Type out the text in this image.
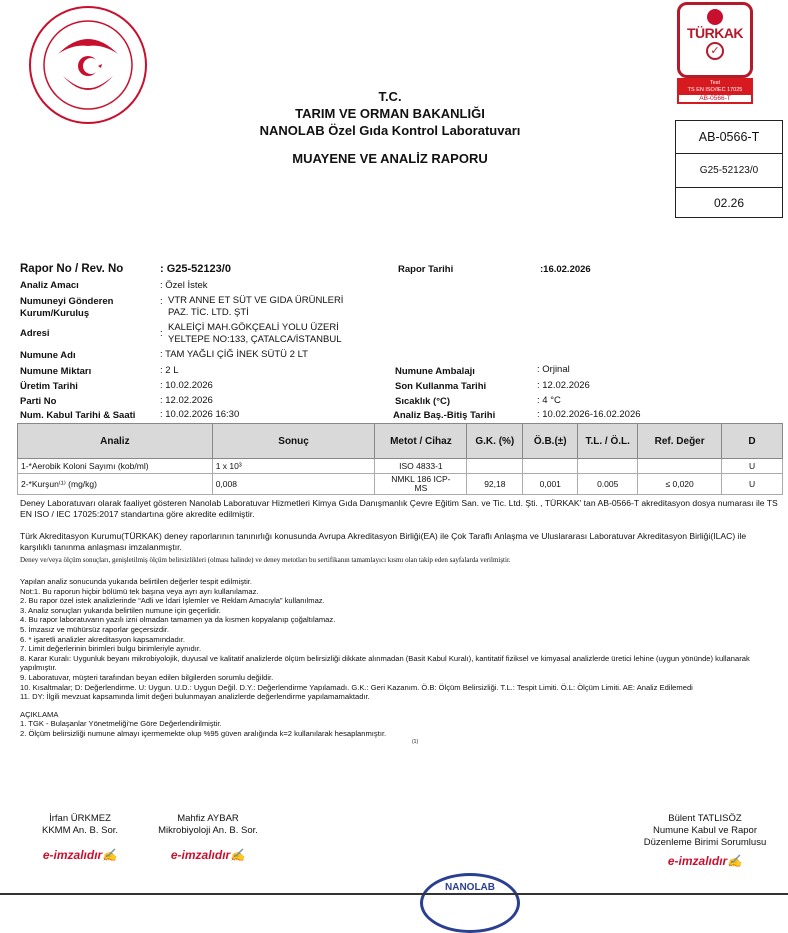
T.C.
TARIM VE ORMAN BAKANLIĞI
NANOLAB Özel Gıda Kontrol Laboratuvarı
MUAYENE VE ANALİZ RAPORU
TÜRKAK
✓
Test
TS EN ISO/IEC 17025
AB-0566-T
AB-0566-T
G25-52123/0
02.26
Rapor No / Rev. No	: G25-52123/0	Rapor Tarihi	:16.02.2026
Analiz Amacı	: Özel İstek
Numuneyi Gönderen Kurum/Kuruluş
: VTR ANNE ET SÜT VE GIDA ÜRÜNLERİ
PAZ. TİC. LTD. ŞTİ
Adresi	:
KALEİÇİ MAH.GÖKÇEALİ YOLU ÜZERİ
YELTEPE NO:133, ÇATALCA/İSTANBUL
Numune Adı	: TAM YAĞLI ÇİĞ İNEK SÜTÜ 2 LT
Numune Miktarı	: 2 L	Numune Ambalajı	: Orjinal
Üretim Tarihi	: 10.02.2026	Son Kullanma Tarihi	: 12.02.2026
Parti No	: 12.02.2026	Sıcaklık (°C)	: 4 °C
Num. Kabul Tarihi & Saati	: 10.02.2026 16:30	Analiz Baş.-Bitiş Tarihi	: 10.02.2026-16.02.2026
Analiz	Sonuç	Metot / Cihaz	G.K. (%)	Ö.B.(±)	T.L. / Ö.L.	Ref. Değer	D
1-*Aerobik Koloni Sayımı (kob/ml)	1 x 10³	ISO 4833-1					U
2-*Kurşun⁽¹⁾ (mg/kg)	0,008	NMKL 186 ICP-MS	92,18	0,001	0.005	≤ 0,020	U
Deney Laboratuvarı olarak faaliyet gösteren Nanolab Laboratuvar Hizmetleri Kimya Gıda Danışmanlık Çevre Eğitim San. ve Tic. Ltd. Şti. , TÜRKAK' tan AB-0566-T akreditasyon dosya numarası ile TS EN ISO / IEC 17025:2017 standartına göre akredite edilmiştir.
Türk Akreditasyon Kurumu(TÜRKAK) deney raporlarının tanınırlığı konusunda Avrupa Akreditasyon Birliği(EA) ile Çok Taraflı Anlaşma ve Uluslararası Laboratuvar Akreditasyon Birliği(ILAC) ile karşılıklı tanınma anlaşması imzalanmıştır.
Deney ve/veya ölçüm sonuçları, genişletilmiş ölçüm belirsizlikleri (olması halinde) ve deney metotları bu sertifikanın tamamlayıcı kısmı olan takip eden sayfalarda verilmiştir.
Yapılan analiz sonucunda yukarıda belirtilen değerler tespit edilmiştir.
Not:1. Bu raporun hiçbir bölümü tek başına veya ayrı ayrı kullanılamaz.
2. Bu rapor özel istek analizlerinde “Adli ve İdari İşlemler ve Reklam Amacıyla” kullanılmaz.
3. Analiz sonuçları yukarıda belirtilen numune için geçerlidir.
4. Bu rapor laboratuvarın yazılı izni olmadan tamamen ya da kısmen kopyalanıp çoğaltılamaz.
5. İmzasız ve mühürsüz raporlar geçersizdir.
6. * işaretli analizler akreditasyon kapsamındadır.
7. Limit değerlerinin birimleri bulgu birimleriyle aynıdır.
8. Karar Kuralı: Uygunluk beyanı mikrobiyolojik, duyusal ve kalitatif analizlerde ölçüm belirsizliği dikkate alınmadan (Basit Kabul Kuralı), kantitatif fiziksel ve kimyasal analizlerde üretici lehine (uygun yönünde) kullanarak yapılmıştır.
9. Laboratuvar, müşteri tarafından beyan edilen bilgilerden sorumlu değildir.
10. Kısaltmalar; D: Değerlendirme. U: Uygun. U.D.: Uygun Değil. D.Y.: Değerlendirme Yapılamadı. G.K.: Geri Kazanım. Ö.B: Ölçüm Belirsizliği. T.L.: Tespit Limiti. Ö.L: Ölçüm Limiti. AE: Analiz Edilemedi
11. DY: İlgili mevzuat kapsamında limit değeri bulunmayan analizlerde değerlendirme yapılamamaktadır.
AÇIKLAMA
1. TGK - Bulaşanlar Yönetmeliği'ne Göre Değerlendirilmiştir.
2. Ölçüm belirsizliği numune almayı içermemekte olup %95 güven aralığında k=2 kullanılarak hesaplanmıştır.
(1)
İrfan ÜRKMEZ
KKMM An. B. Sor.
e-imzalıdır✍
Mahfiz AYBAR
Mikrobiyoloji An. B. Sor.
e-imzalıdır✍
Bülent TATLISÖZ
Numune Kabul ve Rapor Düzenleme Birimi Sorumlusu
e-imzalıdır✍
NANOLAB
